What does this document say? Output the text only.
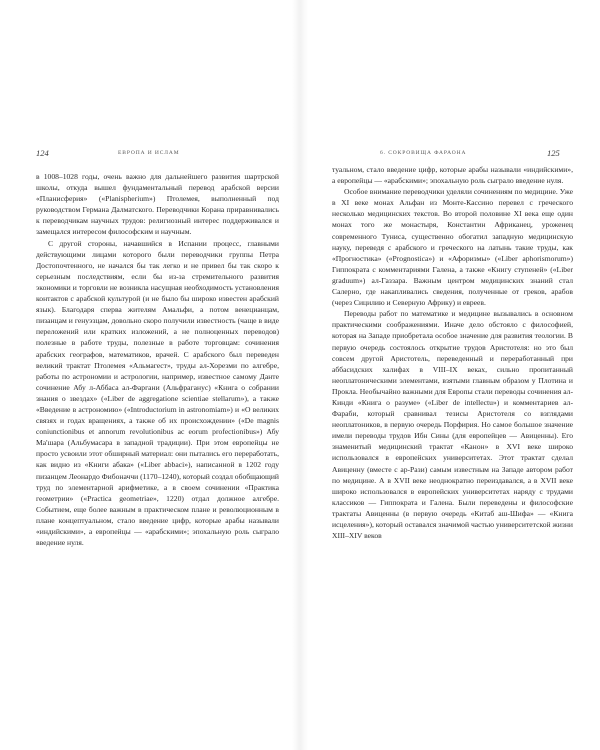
124	ЕВРОПА И ИСЛАМ

в 1008–1028 годы, очень важно для дальнейшего развития шартрской школы, откуда вышел фундаментальный перевод арабской версии «Планисферия» («Planispherium») Птолемея, выполненный под руководством Германа Далматского. Переводчики Корана приравнивались к переводчикам научных трудов: религиозный интерес поддерживался и замещался интересом философским и научным.

С другой стороны, начавшийся в Испании процесс, главными действующими лицами которого были переводчики группы Петра Достопочтенного, не начался бы так легко и не привел бы так скоро к серьезным последствиям, если бы из-за стремительного развития экономики и торговли не возникла насущная необходимость установления контактов с арабской культурой (и не было бы широко известен арабский язык). Благодаря сперва жителям Амальфи, а потом венецианцам, пизанцам и генуэзцам, довольно скоро получили известность (чаще в виде переложений или кратких изложений, а не полноценных переводов) полезные в работе труды, полезные в работе торговцам: сочинения арабских географов, математиков, врачей. С арабского был переведен великий трактат Птолемея «Альмагест», труды ал-Хорезми по алгебре, работы по астрономии и астрологии, например, известное самому Данте сочинение Абу л-Аббаса ал-Фаргани (Альфраганус) «Книга о собрании знания о звездах» («Liber de aggregatione scientiae stellarum»), а также «Введение в астрономию» («Introductorium in astronomiam») и «О великих связях и годах вращениях, а также об их происхождении» («De magnis coniunctionibus et annorum revolutionibus ac eorum profectionibus») Абу Ма'шара (Альбумасара в западной традиции). При этом европейцы не просто усвоили этот обширный материал: они пытались его переработать, как видно из «Книги абака» («Liber abbaci»), написанной в 1202 году пизанцем Леонардо Фибоначчи (1170–1240), который создал обобщающий труд по элементарной арифметике, а в своем сочинении «Практика геометрии» («Practica geometriae», 1220) отдал должное алгебре. Событием, еще более важным в практическом плане и революционным в плане концептуальном, стало введение цифр, которые арабы называли «индийскими», а европейцы — «арабскими»; эпохальную роль сыграло введение нуля.

6. СОКРОВИЩА ФАРАОНА	125

туальном, стало введение цифр, которые арабы называли «индийскими», а европейцы — «арабскими»; эпохальную роль сыграло введение нуля.

Особое внимание переводчики уделяли сочинениям по медицине. Уже в XI веке монах Альфан из Монте-Кассино перевел с греческого несколько медицинских текстов. Во второй половине XI века еще один монах того же монастыря, Константин Африканец, уроженец современного Туниса, существенно обогатил западную медицинскую науку, переведя с арабского и греческого на латынь такие труды, как «Прогностика» («Prognostica») и «Афоризмы» («Liber aphorismorum») Гиппократа с комментариями Галена, а также «Книгу ступеней» («Liber graduum») ал-Газзара. Важным центром медицинских знаний стал Салерно, где накапливались сведения, полученные от греков, арабов (через Сицилию и Северную Африку) и евреев.

Переводы работ по математике и медицине вызывались в основном практическими соображениями. Иначе дело обстояло с философией, которая на Западе приобретала особое значение для развития теологии. В первую очередь состоялось открытие трудов Аристотеля: но это был совсем другой Аристотель, переведенный и переработанный при аббасидских халифах в VIII–IX веках, сильно пропитанный неоплатоническими элементами, взятыми главным образом у Плотина и Прокла. Необычайно важными для Европы стали переводы сочинения ал-Кинди «Книга о разуме» («Liber de intellectu») и комментариев ал-Фараби, который сравнивал тезисы Аристотеля со взглядами неоплатоников, в первую очередь Порфирия. Но самое большое значение имели переводы трудов Ибн Сины (для европейцев — Авиценны). Его знаменитый медицинский трактат «Канон» в XVI веке широко использовался в европейских университетах. Этот трактат сделал Авиценну (вместе с ар-Рази) самым известным на Западе автором работ по медицине. А в XVII веке неоднократно переиздавался, а в XVII веке широко использовался в европейских университетах наряду с трудами классиков — Гиппократа и Галена. Были переведены и философские трактаты Авиценны (в первую очередь «Китаб аш-Шифа» — «Книга исцеления»), который оставался значимой частью университетской жизни XIII–XIV веков
